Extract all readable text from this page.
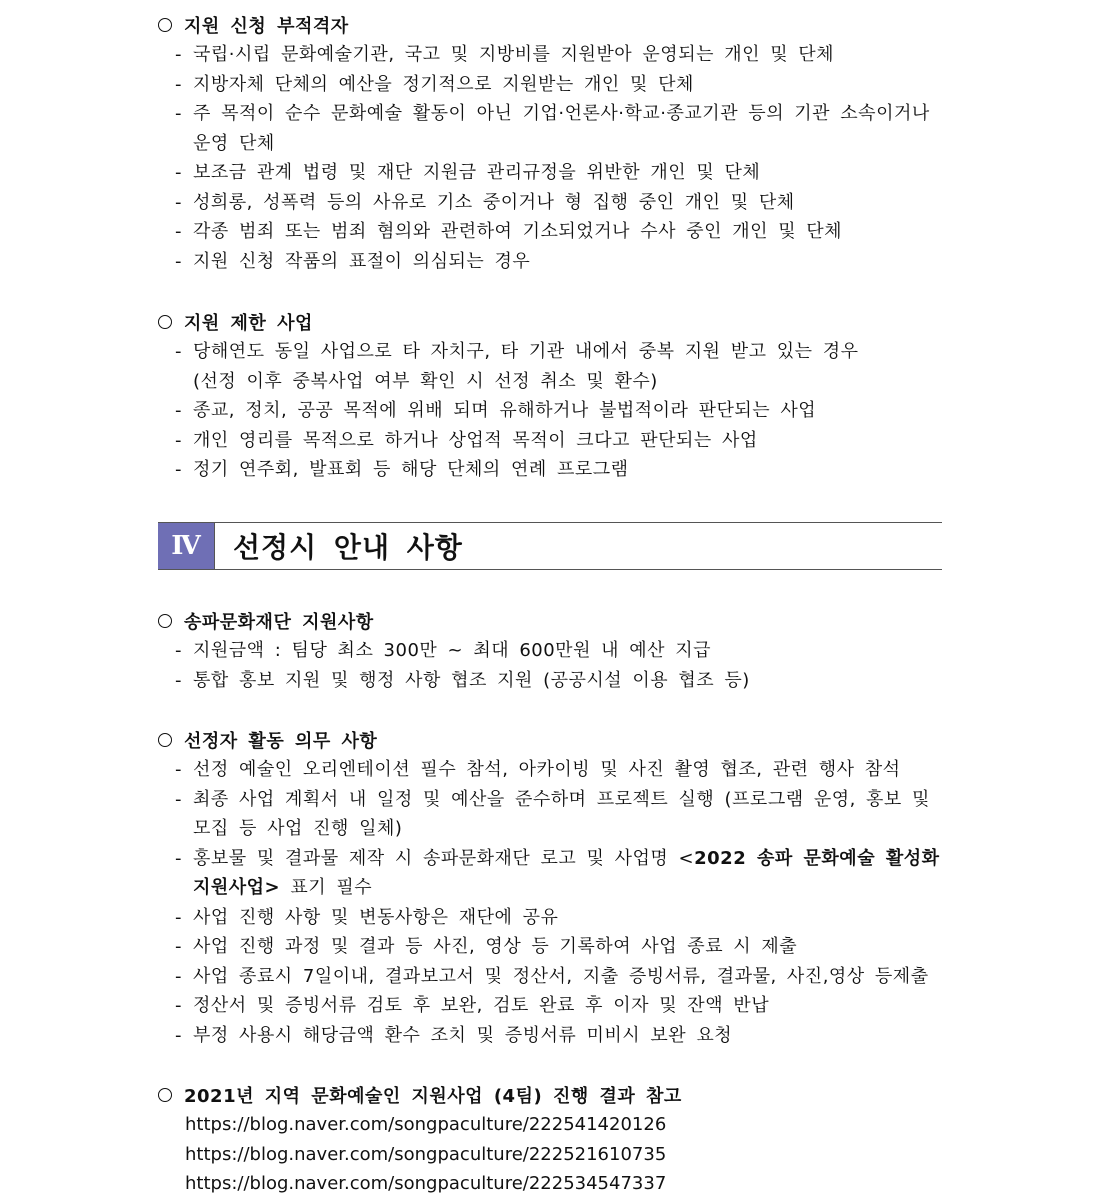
지원 신청 부적격자
- 국립·시립 문화예술기관, 국고 및 지방비를 지원받아 운영되는 개인 및 단체
- 지방자체 단체의 예산을 정기적으로 지원받는 개인 및 단체
- 주 목적이 순수 문화예술 활동이 아닌 기업·언론사·학교·종교기관 등의 기관 소속이거나
운영 단체
- 보조금 관계 법령 및 재단 지원금 관리규정을 위반한 개인 및 단체
- 성희롱, 성폭력 등의 사유로 기소 중이거나 형 집행 중인 개인 및 단체
- 각종 범죄 또는 범죄 혐의와 관련하여 기소되었거나 수사 중인 개인 및 단체
- 지원 신청 작품의 표절이 의심되는 경우
지원 제한 사업
- 당해연도 동일 사업으로 타 자치구, 타 기관 내에서 중복 지원 받고 있는 경우
(선정 이후 중복사업 여부 확인 시 선정 취소 및 환수)
- 종교, 정치, 공공 목적에 위배 되며 유해하거나 불법적이라 판단되는 사업
- 개인 영리를 목적으로 하거나 상업적 목적이 크다고 판단되는 사업
- 정기 연주회, 발표회 등 해당 단체의 연례 프로그램
Ⅳ	선정시 안내 사항
송파문화재단 지원사항
- 지원금액 : 팀당 최소 300만 ~ 최대 600만원 내 예산 지급
- 통합 홍보 지원 및 행정 사항 협조 지원 (공공시설 이용 협조 등)
선정자 활동 의무 사항
- 선정 예술인 오리엔테이션 필수 참석, 아카이빙 및 사진 촬영 협조, 관련 행사 참석
- 최종 사업 계획서 내 일정 및 예산을 준수하며 프로젝트 실행 (프로그램 운영, 홍보 및
모집 등 사업 진행 일체)
- 홍보물 및 결과물 제작 시 송파문화재단 로고 및 사업명 <2022 송파 문화예술 활성화
지원사업> 표기 필수
- 사업 진행 사항 및 변동사항은 재단에 공유
- 사업 진행 과정 및 결과 등 사진, 영상 등 기록하여 사업 종료 시 제출
- 사업 종료시 7일이내, 결과보고서 및 정산서, 지출 증빙서류, 결과물, 사진,영상 등제출
- 정산서 및 증빙서류 검토 후 보완, 검토 완료 후 이자 및 잔액 반납
- 부정 사용시 해당금액 환수 조치 및 증빙서류 미비시 보완 요청
2021년 지역 문화예술인 지원사업 (4팀) 진행 결과 참고
https://blog.naver.com/songpaculture/222541420126
https://blog.naver.com/songpaculture/222521610735
https://blog.naver.com/songpaculture/222534547337
